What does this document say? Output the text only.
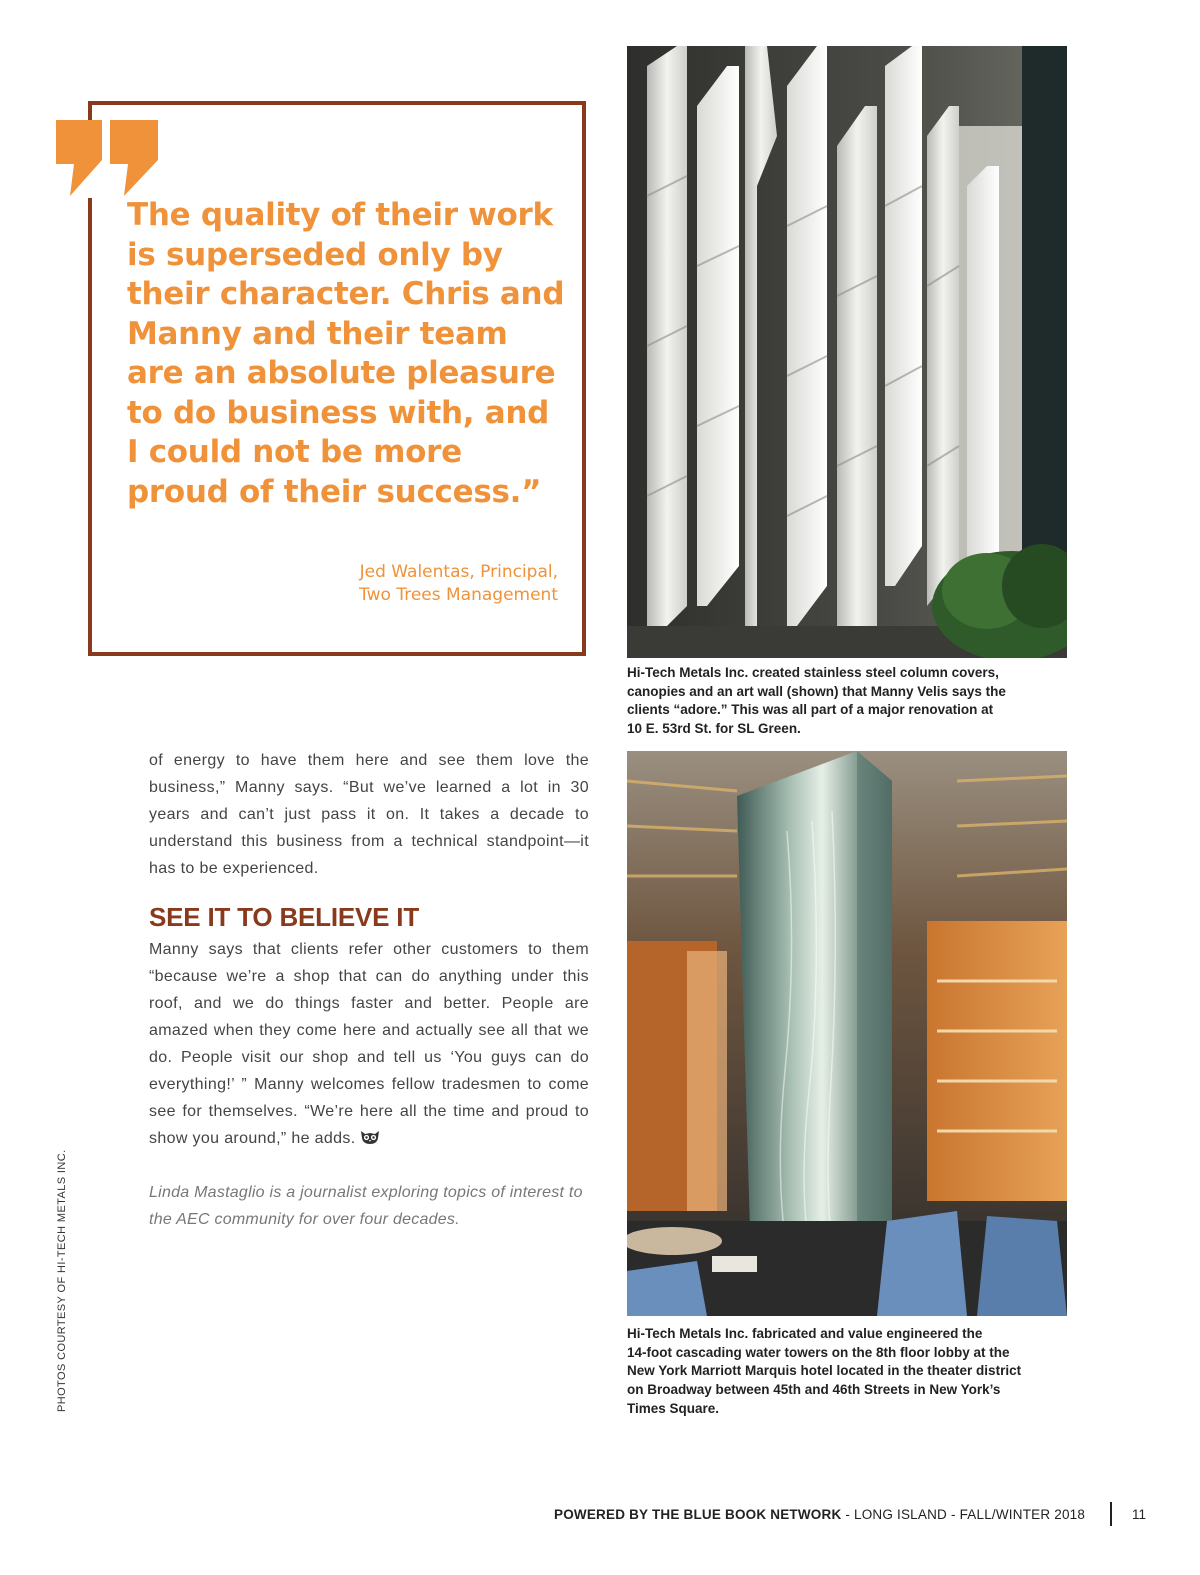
The quality of their work is superseded only by their character. Chris and Manny and their team are an absolute pleasure to do business with, and I could not be more proud of their success.”

Jed Walentas, Principal,
Two Trees Management

of energy to have them here and see them love the business,” Manny says. “But we’ve learned a lot in 30 years and can’t just pass it on. It takes a decade to understand this business from a technical standpoint—it has to be experienced.

SEE IT TO BELIEVE IT

Manny says that clients refer other customers to them “because we’re a shop that can do anything under this roof, and we do things faster and better. People are amazed when they come here and actually see all that we do. People visit our shop and tell us ‘You guys can do everything!’ ” Manny welcomes fellow tradesmen to come see for themselves. “We’re here all the time and proud to show you around,” he adds.

Linda Mastaglio is a journalist exploring topics of interest to the AEC community for over four decades.

PHOTOS COURTESY OF HI-TECH METALS INC.

Hi-Tech Metals Inc. created stainless steel column covers,
canopies and an art wall (shown) that Manny Velis says the
clients “adore.” This was all part of a major renovation at
10 E. 53rd St. for SL Green.

Hi-Tech Metals Inc. fabricated and value engineered the
14-foot cascading water towers on the 8th floor lobby at the
New York Marriott Marquis hotel located in the theater district
on Broadway between 45th and 46th Streets in New York’s
Times Square.

POWERED BY THE BLUE BOOK NETWORK - LONG ISLAND - FALL/WINTER 2018	11
